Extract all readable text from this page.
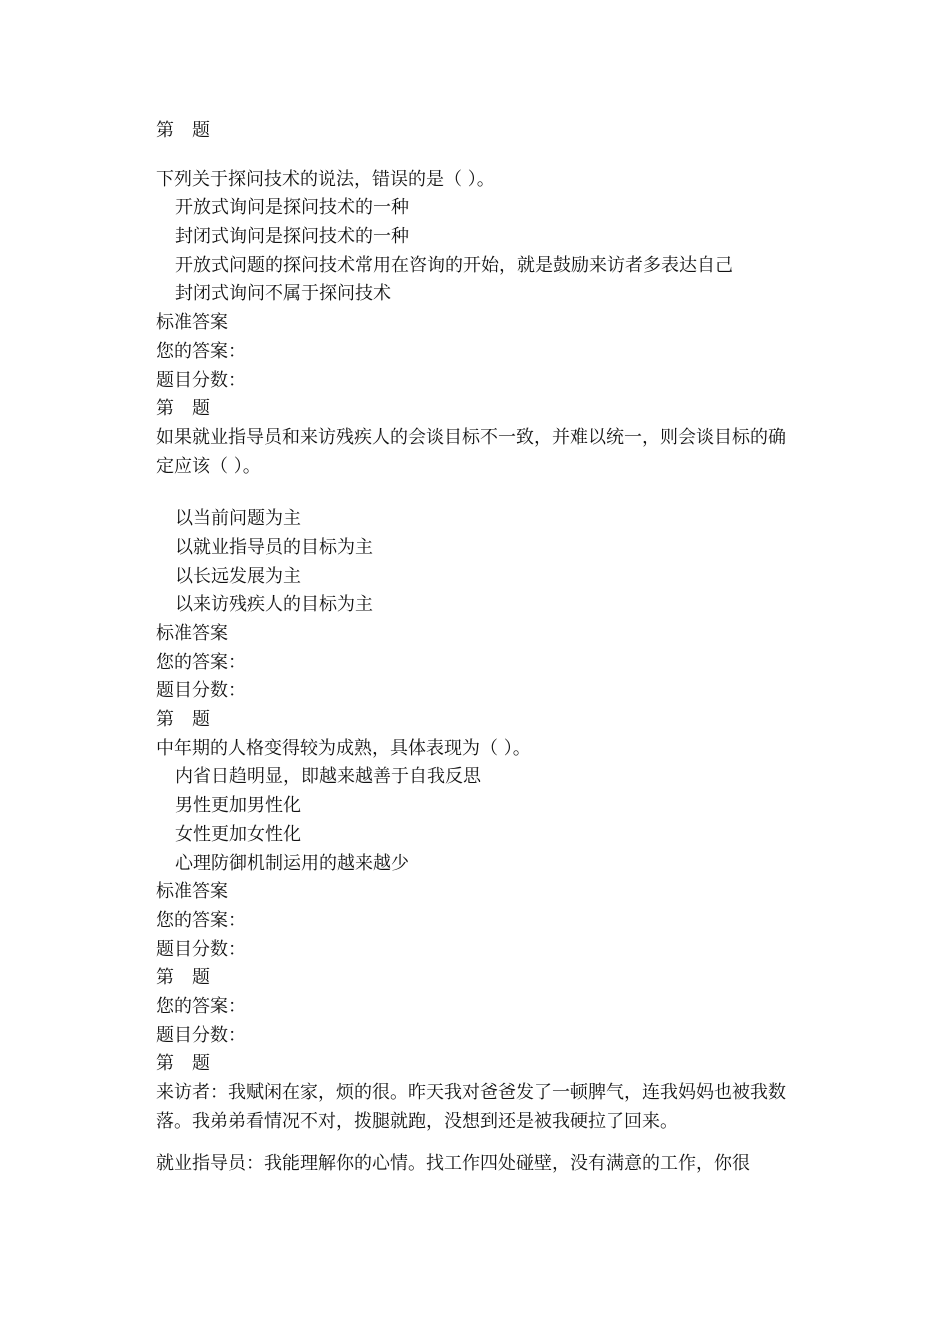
第　题
下列关于探问技术的说法，错误的是（ ）。
开放式询问是探问技术的一种
封闭式询问是探问技术的一种
开放式问题的探问技术常用在咨询的开始，就是鼓励来访者多表达自己
封闭式询问不属于探问技术
标准答案
您的答案：
题目分数：
第　题
如果就业指导员和来访残疾人的会谈目标不一致，并难以统一，则会谈目标的确定应该（ ）。
以当前问题为主
以就业指导员的目标为主
以长远发展为主
以来访残疾人的目标为主
标准答案
您的答案：
题目分数：
第　题
中年期的人格变得较为成熟，具体表现为（ ）。
内省日趋明显，即越来越善于自我反思
男性更加男性化
女性更加女性化
心理防御机制运用的越来越少
标准答案
您的答案：
题目分数：
第　题
您的答案：
题目分数：
第　题
来访者：我赋闲在家，烦的很。昨天我对爸爸发了一顿脾气，连我妈妈也被我数落。我弟弟看情况不对，拨腿就跑，没想到还是被我硬拉了回来。
就业指导员：我能理解你的心情。找工作四处碰壁，没有满意的工作，你很
